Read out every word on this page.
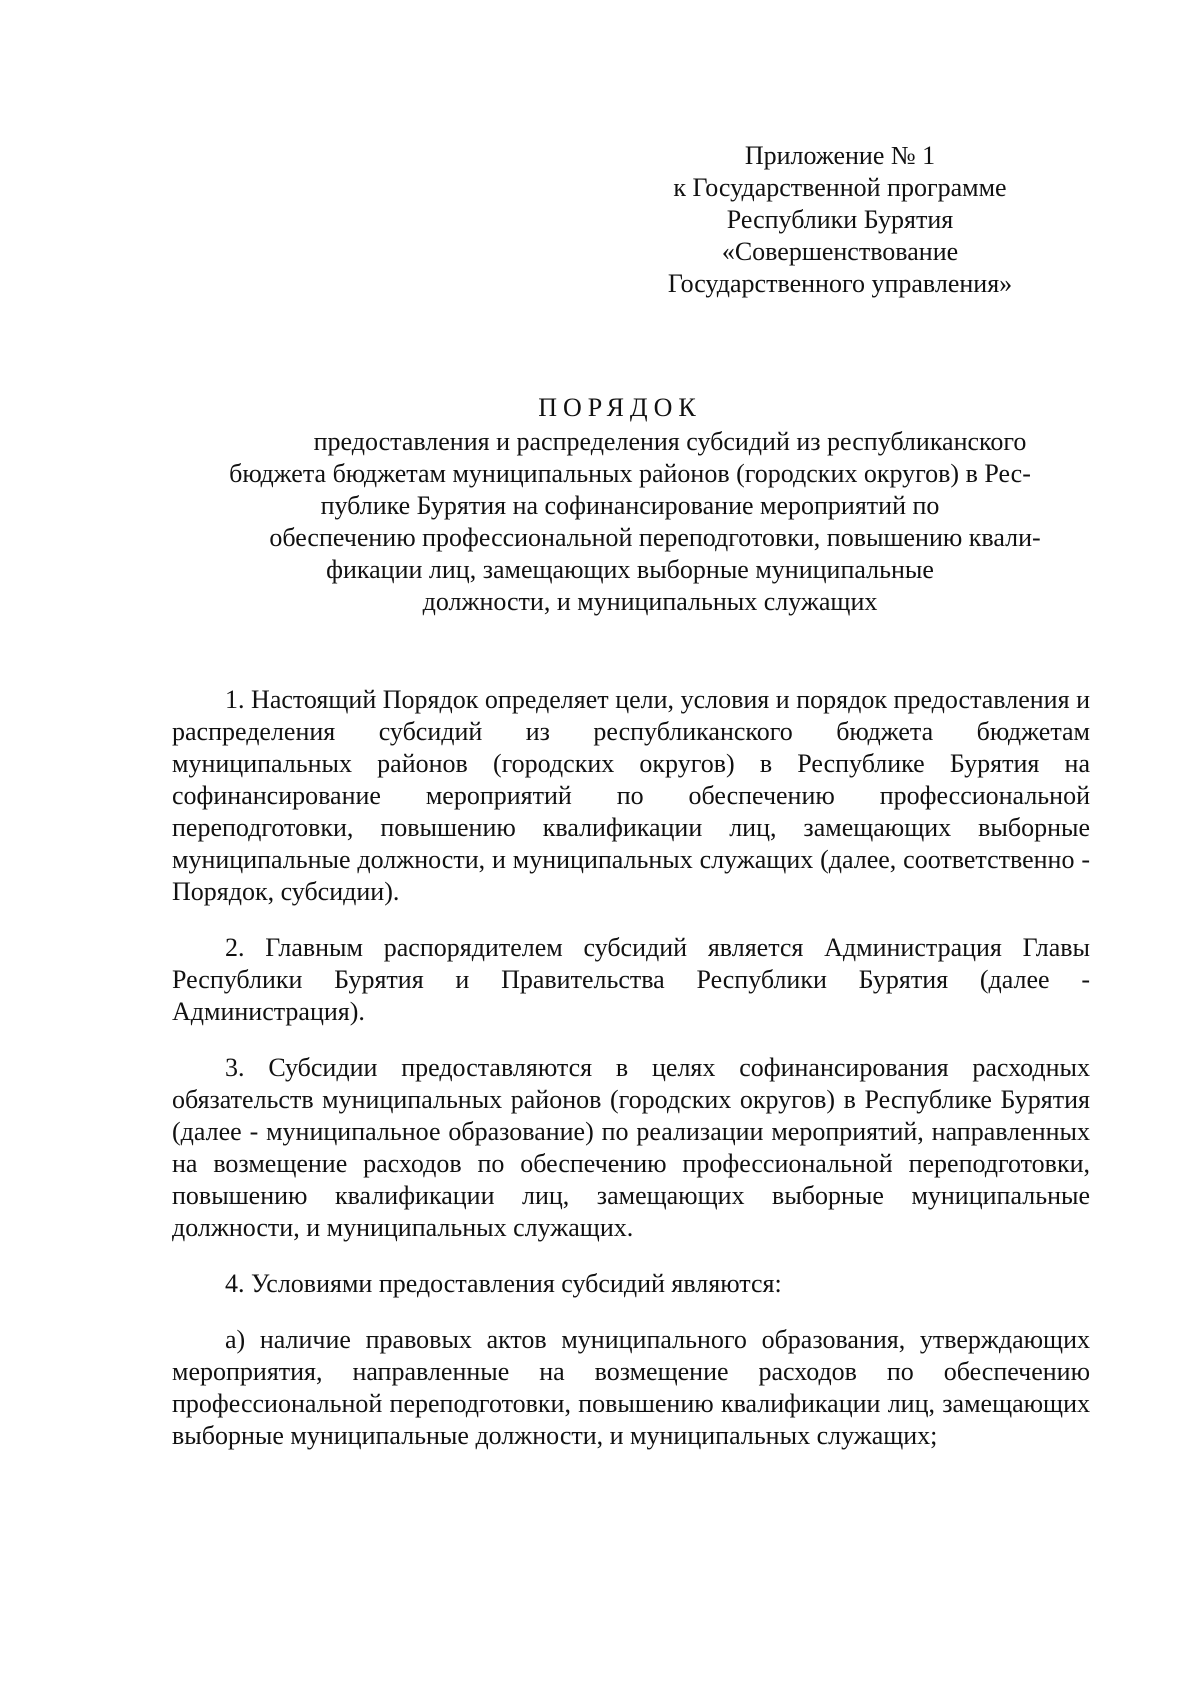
Приложение № 1
к Государственной программе
Республики Бурятия
«Совершенствование
Государственного управления»
ПОРЯДОК
предоставления и распределения субсидий из республиканского
бюджета бюджетам муниципальных районов (городских округов) в Рес-
публике Бурятия на софинансирование мероприятий по
обеспечению профессиональной переподготовки, повышению квали-
фикации лиц, замещающих выборные муниципальные
должности, и муниципальных служащих

1. Настоящий Порядок определяет цели, условия и порядок предоставления и распределения субсидий из республиканского бюджета бюджетам муниципальных районов (городских округов) в Республике Бурятия на софинансирование мероприятий по обеспечению профессиональной переподготовки, повышению квалификации лиц, замещающих выборные муниципальные должности, и муниципальных служащих (далее, соответственно - Порядок, субсидии).

2. Главным распорядителем субсидий является Администрация Главы Республики Бурятия и Правительства Республики Бурятия (далее - Администрация).

3. Субсидии предоставляются в целях софинансирования расходных обязательств муниципальных районов (городских округов) в Республике Бурятия (далее - муниципальное образование) по реализации мероприятий, направленных на возмещение расходов по обеспечению профессиональной переподготовки, повышению квалификации лиц, замещающих выборные муниципальные должности, и муниципальных служащих.

4. Условиями предоставления субсидий являются:

а) наличие правовых актов муниципального образования, утверждающих мероприятия, направленные на возмещение расходов по обеспечению профессиональной переподготовки, повышению квалификации лиц, замещающих выборные муниципальные должности, и муниципальных служащих;
